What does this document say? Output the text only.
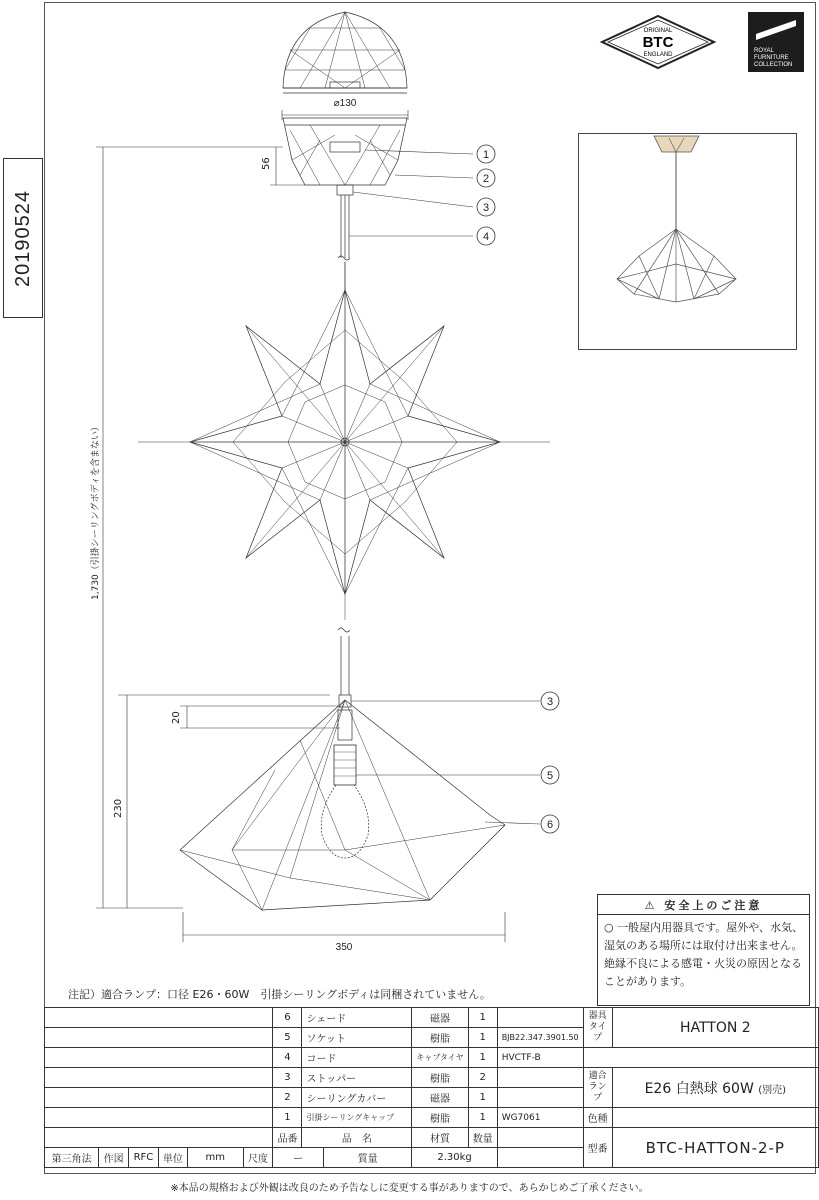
20190524
ORIGINAL
BTC
ENGLAND
ROYAL
FURNITURE
COLLECTION
1
2
3
4
3
5
6
⌀130
350
56
1,730（引掛シーリングボディを含まない）
20
230
注記）適合ランプ：口径 E26・60W　引掛シーリングボディは同梱されていません。
⚠ 安全上のご注意
○ 一般屋内用器具です。屋外や、水気、湿気のある場所には取付け出来ません。絶縁不良による感電・火災の原因となることがあります。
						6	シェード		磁器	1		器具タイプ	HATTON 2
						5	ソケット		樹脂	1	BJB22.347.3901.50		
						4	コード		キャブタイヤ	1	HVCTF-B		
						3	ストッパー		樹脂	2		適合ランプ	E26 白熱球 60W (別売)
						2	シーリングカバー		磁器	1			
						1	引掛シーリングキャップ		樹脂	1	WG7061	色種	
						品番	品　名		材質	数量		型番	BTC-HATTON-2-P
第三角法	作図	RFC	単位	mm	尺度	ー		質量	2.30kg				
※本品の規格および外観は改良のため予告なしに変更する事がありますので、あらかじめご了承ください。
